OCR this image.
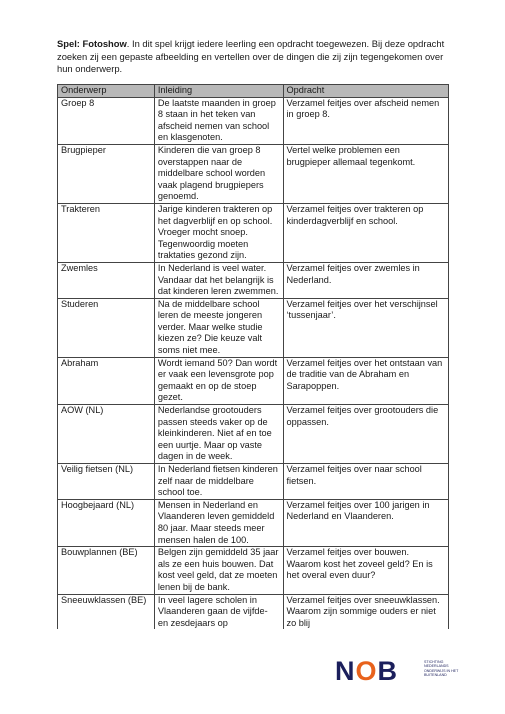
Spel: Fotoshow. In dit spel krijgt iedere leerling een opdracht toegewezen. Bij deze opdracht zoeken zij een gepaste afbeelding en vertellen over de dingen die zij zijn tegengekomen over hun onderwerp.
Onderwerp	Inleiding	Opdracht
Groep 8	De laatste maanden in groep 8 staan in het teken van afscheid nemen van school en klasgenoten.	Verzamel feitjes over afscheid nemen in groep 8.
Brugpieper	Kinderen die van groep 8 overstappen naar de middelbare school worden vaak plagend brugpiepers genoemd.	Vertel welke problemen een brugpieper allemaal tegenkomt.
Trakteren	Jarige kinderen trakteren op het dagverblijf en op school. Vroeger mocht snoep. Tegenwoordig moeten traktaties gezond zijn.	Verzamel feitjes over trakteren op kinderdagverblijf en school.
Zwemles	In Nederland is veel water. Vandaar dat het belangrijk is dat kinderen leren zwemmen.	Verzamel feitjes over zwemles in Nederland.
Studeren	Na de middelbare school leren de meeste jongeren verder. Maar welke studie kiezen ze? Die keuze valt soms niet mee.	Verzamel feitjes over het verschijnsel ‘tussenjaar’.
Abraham	Wordt iemand 50? Dan wordt er vaak een levensgrote pop gemaakt en op de stoep gezet.	Verzamel feitjes over het ontstaan van de traditie van de Abraham en Sarapoppen.
AOW (NL)	Nederlandse grootouders passen steeds vaker op de kleinkinderen. Niet af en toe een uurtje. Maar op vaste dagen in de week.	Verzamel feitjes over grootouders die oppassen.
Veilig fietsen (NL)	In Nederland fietsen kinderen zelf naar de middelbare school toe.	Verzamel feitjes over naar school fietsen.
Hoogbejaard (NL)	Mensen in Nederland en Vlaanderen leven gemiddeld 80 jaar. Maar steeds meer mensen halen de 100.	Verzamel feitjes over 100 jarigen in Nederland en Vlaanderen.
Bouwplannen (BE)	Belgen zijn gemiddeld 35 jaar als ze een huis bouwen. Dat kost veel geld, dat ze moeten lenen bij de bank.	Verzamel feitjes over bouwen. Waarom kost het zoveel geld? En is het overal even duur?
Sneeuwklassen (BE)	In veel lagere scholen in Vlaanderen gaan de vijfde- en zesdejaars op	Verzamel feitjes over sneeuwklassen. Waarom zijn sommige ouders er niet zo blij
NOB	STICHTING NEDERLANDS ONDERWIJS IN HET BUITENLAND
